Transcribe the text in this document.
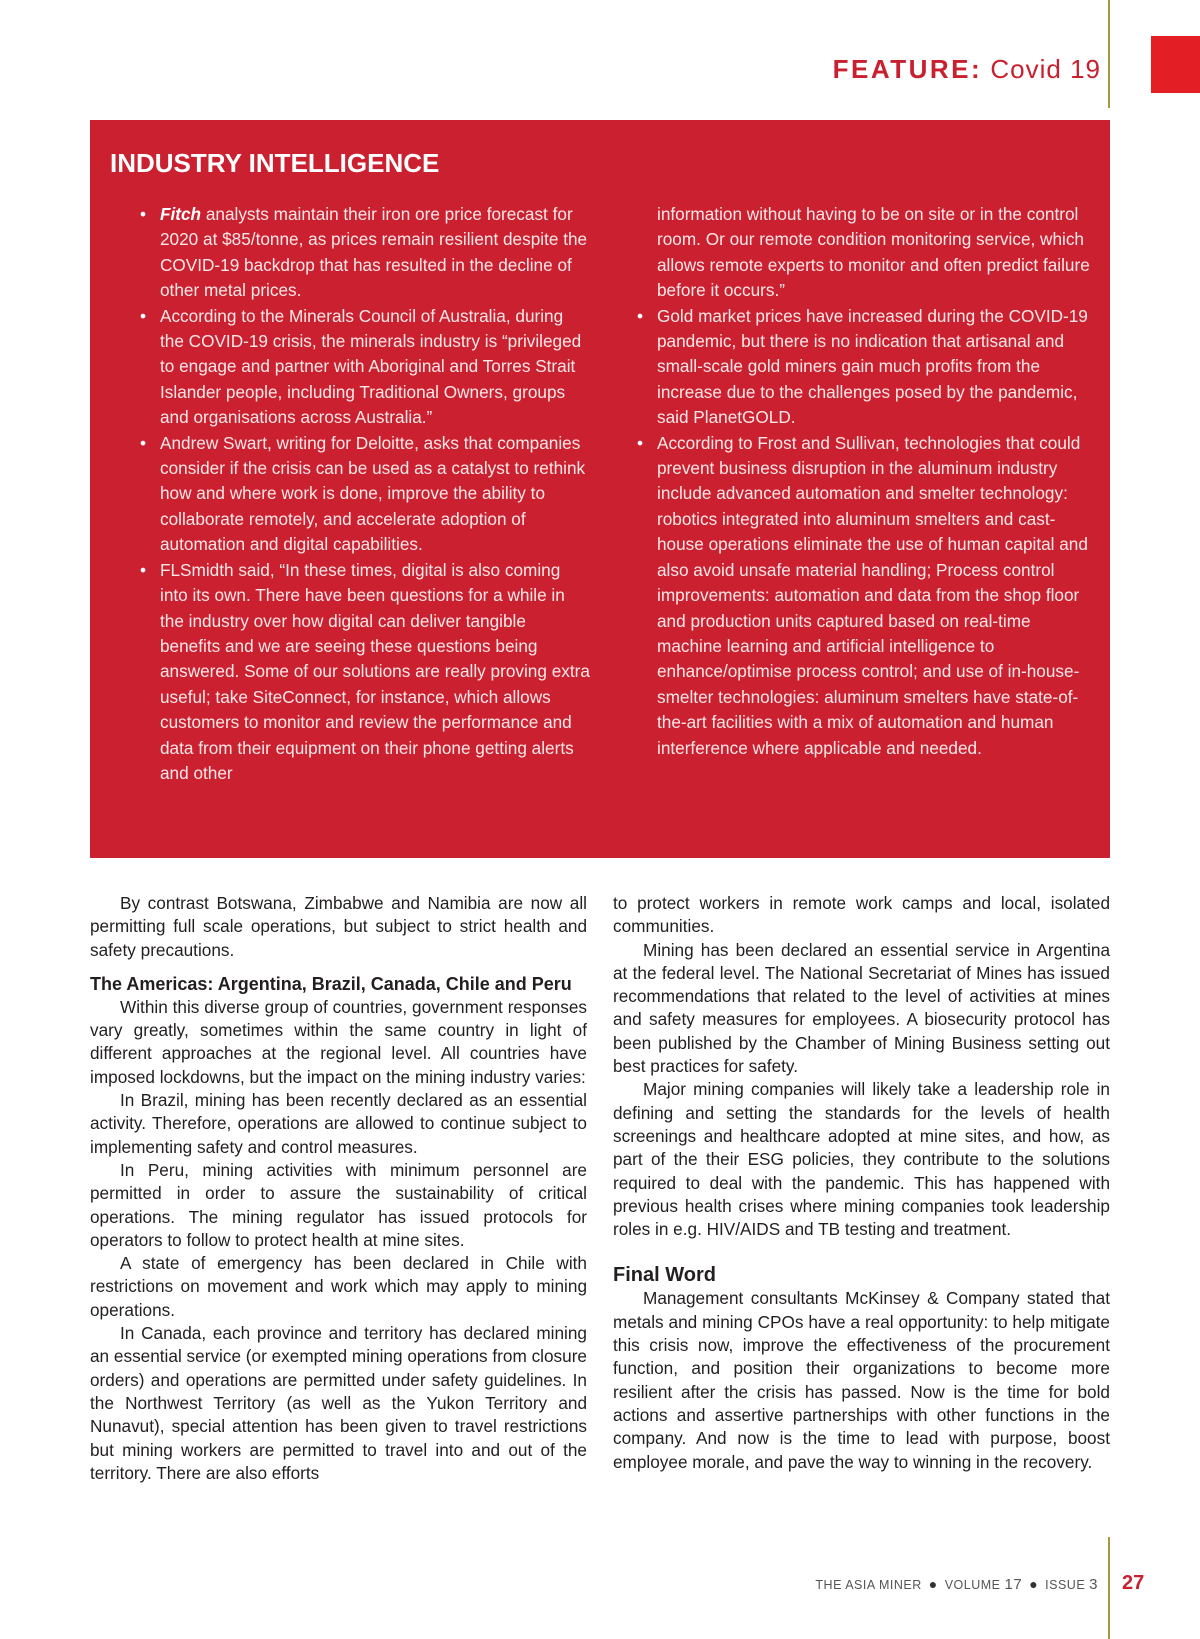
FEATURE: Covid 19
INDUSTRY INTELLIGENCE
• Fitch analysts maintain their iron ore price forecast for 2020 at $85/tonne, as prices remain resilient despite the COVID-19 backdrop that has resulted in the decline of other metal prices.
• According to the Minerals Council of Australia, during the COVID-19 crisis, the minerals industry is “privileged to engage and partner with Aboriginal and Torres Strait Islander people, including Traditional Owners, groups and organisations across Australia.”
• Andrew Swart, writing for Deloitte, asks that companies consider if the crisis can be used as a catalyst to rethink how and where work is done, improve the ability to collaborate remotely, and accelerate adoption of automation and digital capabilities.
• FLSmidth said, “In these times, digital is also coming into its own. There have been questions for a while in the industry over how digital can deliver tangible benefits and we are seeing these questions being answered. Some of our solutions are really proving extra useful; take SiteConnect, for instance, which allows customers to monitor and review the performance and data from their equipment on their phone getting alerts and other
information without having to be on site or in the control room. Or our remote condition monitoring service, which allows remote experts to monitor and often predict failure before it occurs.”
• Gold market prices have increased during the COVID-19 pandemic, but there is no indication that artisanal and small-scale gold miners gain much profits from the increase due to the challenges posed by the pandemic, said PlanetGOLD.
• According to Frost and Sullivan, technologies that could prevent business disruption in the aluminum industry include advanced automation and smelter technology: robotics integrated into aluminum smelters and cast- house operations eliminate the use of human capital and also avoid unsafe material handling; Process control improvements: automation and data from the shop floor and production units captured based on real-time machine learning and artificial intelligence to enhance/optimise process control; and use of in-house-smelter technologies: aluminum smelters have state-of-the-art facilities with a mix of automation and human interference where applicable and needed.

By contrast Botswana, Zimbabwe and Namibia are now all permitting full scale operations, but subject to strict health and safety precautions.

The Americas: Argentina, Brazil, Canada, Chile and Peru

Within this diverse group of countries, government responses vary greatly, sometimes within the same country in light of different approaches at the regional level. All countries have imposed lockdowns, but the impact on the mining industry varies:

In Brazil, mining has been recently declared as an essential activity. Therefore, operations are allowed to continue subject to implementing safety and control measures.

In Peru, mining activities with minimum personnel are permitted in order to assure the sustainability of critical operations. The mining regulator has issued protocols for operators to follow to protect health at mine sites.

A state of emergency has been declared in Chile with restrictions on movement and work which may apply to mining operations.

In Canada, each province and territory has declared mining an essential service (or exempted mining operations from closure orders) and operations are permitted under safety guidelines. In the Northwest Territory (as well as the Yukon Territory and Nunavut), special attention has been given to travel restrictions but mining workers are permitted to travel into and out of the territory. There are also efforts

to protect workers in remote work camps and local, isolated communities.

Mining has been declared an essential service in Argentina at the federal level. The National Secretariat of Mines has issued recommendations that related to the level of activities at mines and safety measures for employees. A biosecurity protocol has been published by the Chamber of Mining Business setting out best practices for safety.

Major mining companies will likely take a leadership role in defining and setting the standards for the levels of health screenings and healthcare adopted at mine sites, and how, as part of the their ESG policies, they contribute to the solutions required to deal with the pandemic. This has happened with previous health crises where mining companies took leadership roles in e.g. HIV/AIDS and TB testing and treatment.

Final Word

Management consultants McKinsey & Company stated that metals and mining CPOs have a real opportunity: to help mitigate this crisis now, improve the effectiveness of the procurement function, and position their organizations to become more resilient after the crisis has passed. Now is the time for bold actions and assertive partnerships with other functions in the company. And now is the time to lead with purpose, boost employee morale, and pave the way to winning in the recovery.

THE ASIA MINER ● VOLUME 17 ● ISSUE 3 27
